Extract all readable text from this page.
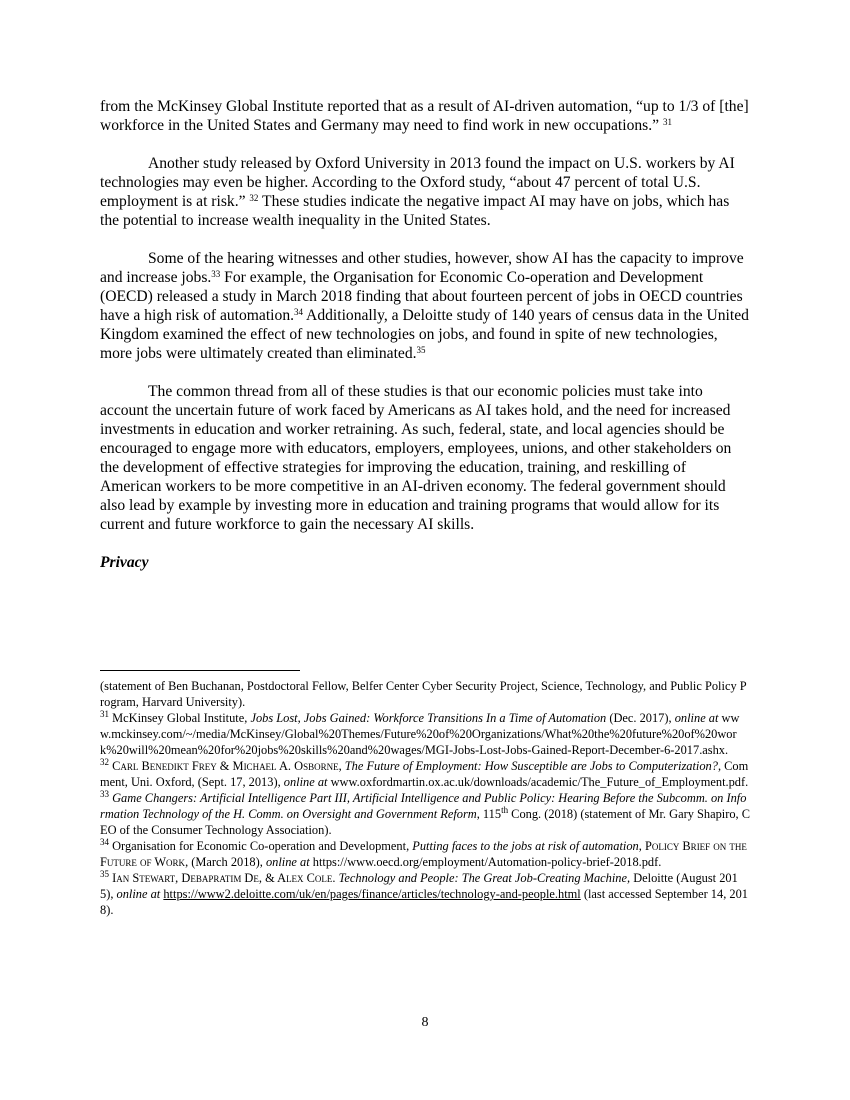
from the McKinsey Global Institute reported that as a result of AI-driven automation, “up to 1/3 of [the] workforce in the United States and Germany may need to find work in new occupations.” $^{31}$

Another study released by Oxford University in 2013 found the impact on U.S. workers by AI technologies may even be higher. According to the Oxford study, “about 47 percent of total U.S. employment is at risk.” $^{32}$ These studies indicate the negative impact AI may have on jobs, which has the potential to increase wealth inequality in the United States.

Some of the hearing witnesses and other studies, however, show AI has the capacity to improve and increase jobs.$^{33}$ For example, the Organisation for Economic Co-operation and Development (OECD) released a study in March 2018 finding that about fourteen percent of jobs in OECD countries have a high risk of automation.$^{34}$ Additionally, a Deloitte study of 140 years of census data in the United Kingdom examined the effect of new technologies on jobs, and found in spite of new technologies, more jobs were ultimately created than eliminated.$^{35}$

The common thread from all of these studies is that our economic policies must take into account the uncertain future of work faced by Americans as AI takes hold, and the need for increased investments in education and worker retraining. As such, federal, state, and local agencies should be encouraged to engage more with educators, employers, employees, unions, and other stakeholders on the development of effective strategies for improving the education, training, and reskilling of American workers to be more competitive in an AI-driven economy. The federal government should also lead by example by investing more in education and training programs that would allow for its current and future workforce to gain the necessary AI skills.

Privacy

(statement of Ben Buchanan, Postdoctoral Fellow, Belfer Center Cyber Security Project, Science, Technology, and Public Policy Program, Harvard University).

$^{31}$ McKinsey Global Institute, Jobs Lost, Jobs Gained: Workforce Transitions In a Time of Automation (Dec. 2017), online at www.mckinsey.com/~/media/McKinsey/Global%20Themes/Future%20of%20Organizations/What%20the%20future%20of%20work%20will%20mean%20for%20jobs%20skills%20and%20wages/MGI-Jobs-Lost-Jobs-Gained-Report-December-6-2017.ashx.

$^{32}$ Carl Benedikt Frey & Michael A. Osborne, The Future of Employment: How Susceptible are Jobs to Computerization?, Comment, Uni. Oxford, (Sept. 17, 2013), online at www.oxfordmartin.ox.ac.uk/downloads/academic/The_Future_of_Employment.pdf.

$^{33}$ Game Changers: Artificial Intelligence Part III, Artificial Intelligence and Public Policy: Hearing Before the Subcomm. on Information Technology of the H. Comm. on Oversight and Government Reform, 115th Cong. (2018) (statement of Mr. Gary Shapiro, CEO of the Consumer Technology Association).

$^{34}$ Organisation for Economic Co-operation and Development, Putting faces to the jobs at risk of automation, Policy Brief on the Future of Work, (March 2018), online at https://www.oecd.org/employment/Automation-policy-brief-2018.pdf.

$^{35}$ Ian Stewart, Debapratim De, & Alex Cole. Technology and People: The Great Job-Creating Machine, Deloitte (August 2015), online at https://www2.deloitte.com/uk/en/pages/finance/articles/technology-and-people.html (last accessed September 14, 2018).

8
